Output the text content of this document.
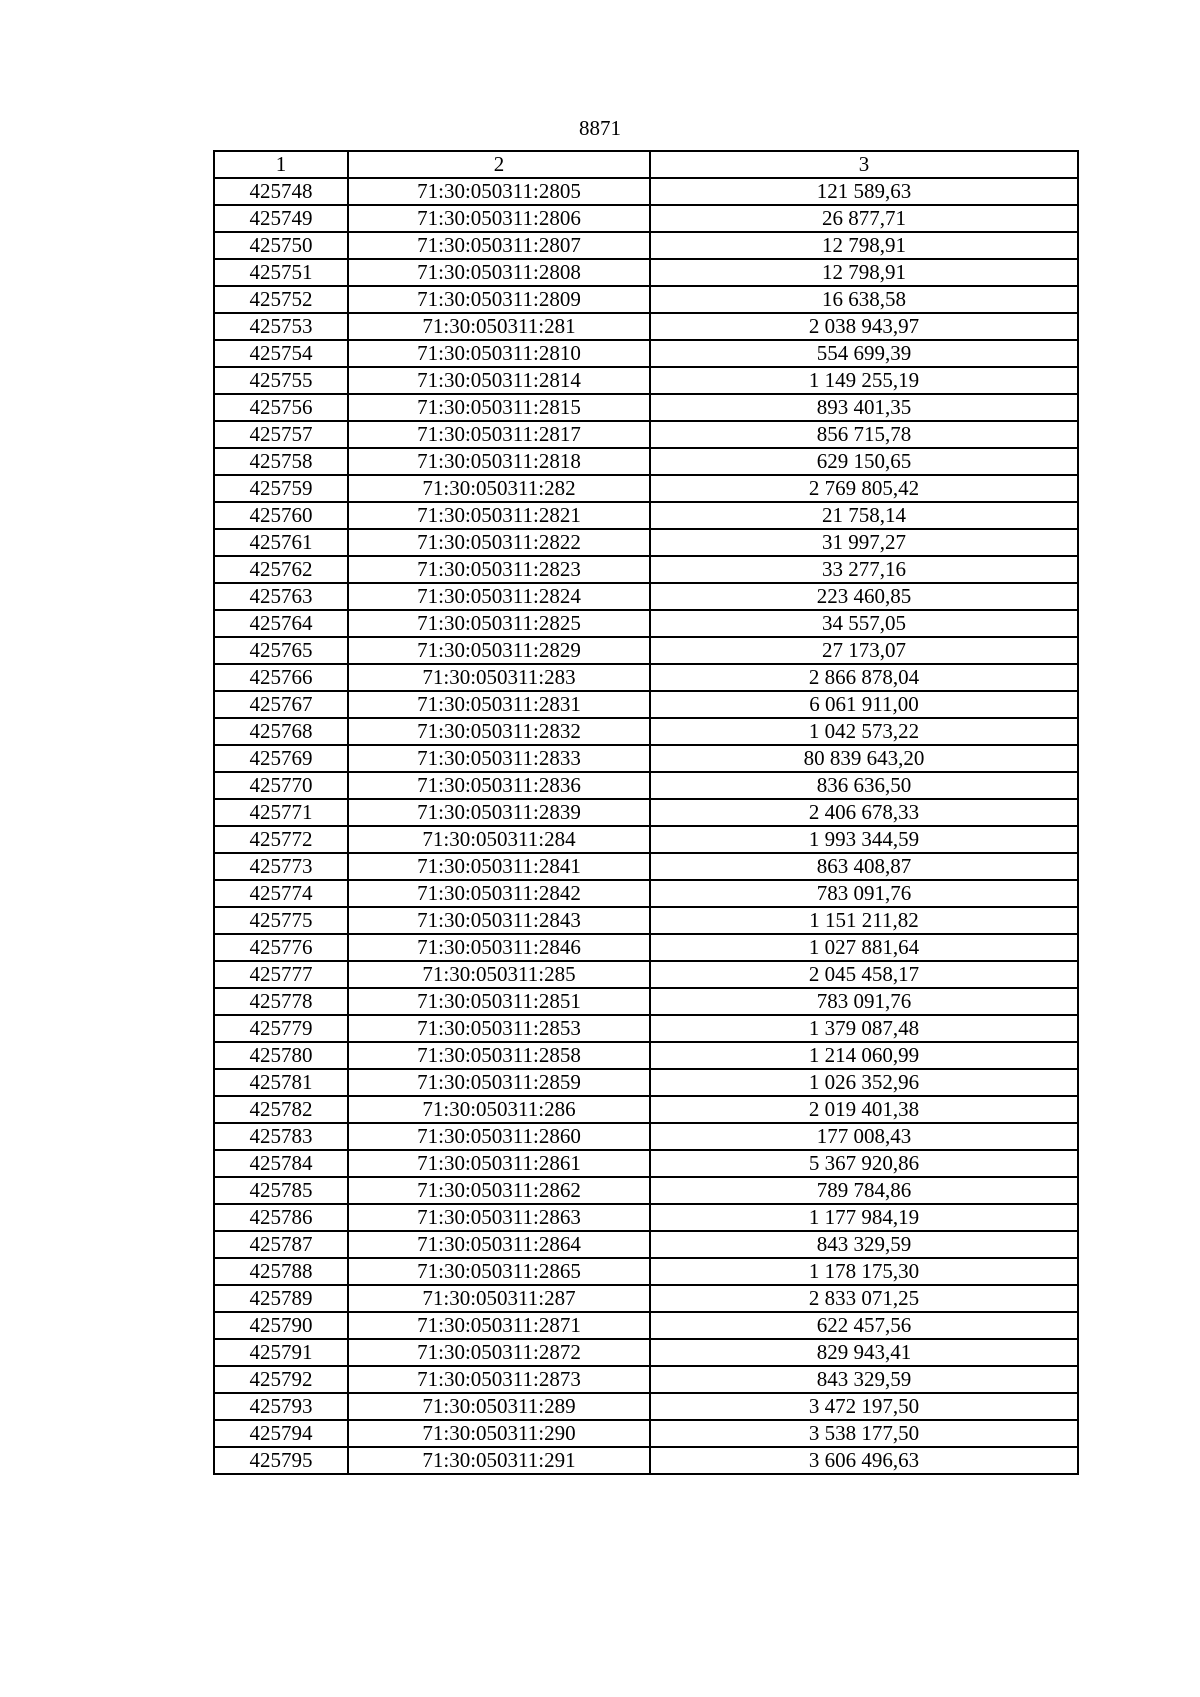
8871
1	2	3
425748	71:30:050311:2805	121 589,63
425749	71:30:050311:2806	26 877,71
425750	71:30:050311:2807	12 798,91
425751	71:30:050311:2808	12 798,91
425752	71:30:050311:2809	16 638,58
425753	71:30:050311:281	2 038 943,97
425754	71:30:050311:2810	554 699,39
425755	71:30:050311:2814	1 149 255,19
425756	71:30:050311:2815	893 401,35
425757	71:30:050311:2817	856 715,78
425758	71:30:050311:2818	629 150,65
425759	71:30:050311:282	2 769 805,42
425760	71:30:050311:2821	21 758,14
425761	71:30:050311:2822	31 997,27
425762	71:30:050311:2823	33 277,16
425763	71:30:050311:2824	223 460,85
425764	71:30:050311:2825	34 557,05
425765	71:30:050311:2829	27 173,07
425766	71:30:050311:283	2 866 878,04
425767	71:30:050311:2831	6 061 911,00
425768	71:30:050311:2832	1 042 573,22
425769	71:30:050311:2833	80 839 643,20
425770	71:30:050311:2836	836 636,50
425771	71:30:050311:2839	2 406 678,33
425772	71:30:050311:284	1 993 344,59
425773	71:30:050311:2841	863 408,87
425774	71:30:050311:2842	783 091,76
425775	71:30:050311:2843	1 151 211,82
425776	71:30:050311:2846	1 027 881,64
425777	71:30:050311:285	2 045 458,17
425778	71:30:050311:2851	783 091,76
425779	71:30:050311:2853	1 379 087,48
425780	71:30:050311:2858	1 214 060,99
425781	71:30:050311:2859	1 026 352,96
425782	71:30:050311:286	2 019 401,38
425783	71:30:050311:2860	177 008,43
425784	71:30:050311:2861	5 367 920,86
425785	71:30:050311:2862	789 784,86
425786	71:30:050311:2863	1 177 984,19
425787	71:30:050311:2864	843 329,59
425788	71:30:050311:2865	1 178 175,30
425789	71:30:050311:287	2 833 071,25
425790	71:30:050311:2871	622 457,56
425791	71:30:050311:2872	829 943,41
425792	71:30:050311:2873	843 329,59
425793	71:30:050311:289	3 472 197,50
425794	71:30:050311:290	3 538 177,50
425795	71:30:050311:291	3 606 496,63
